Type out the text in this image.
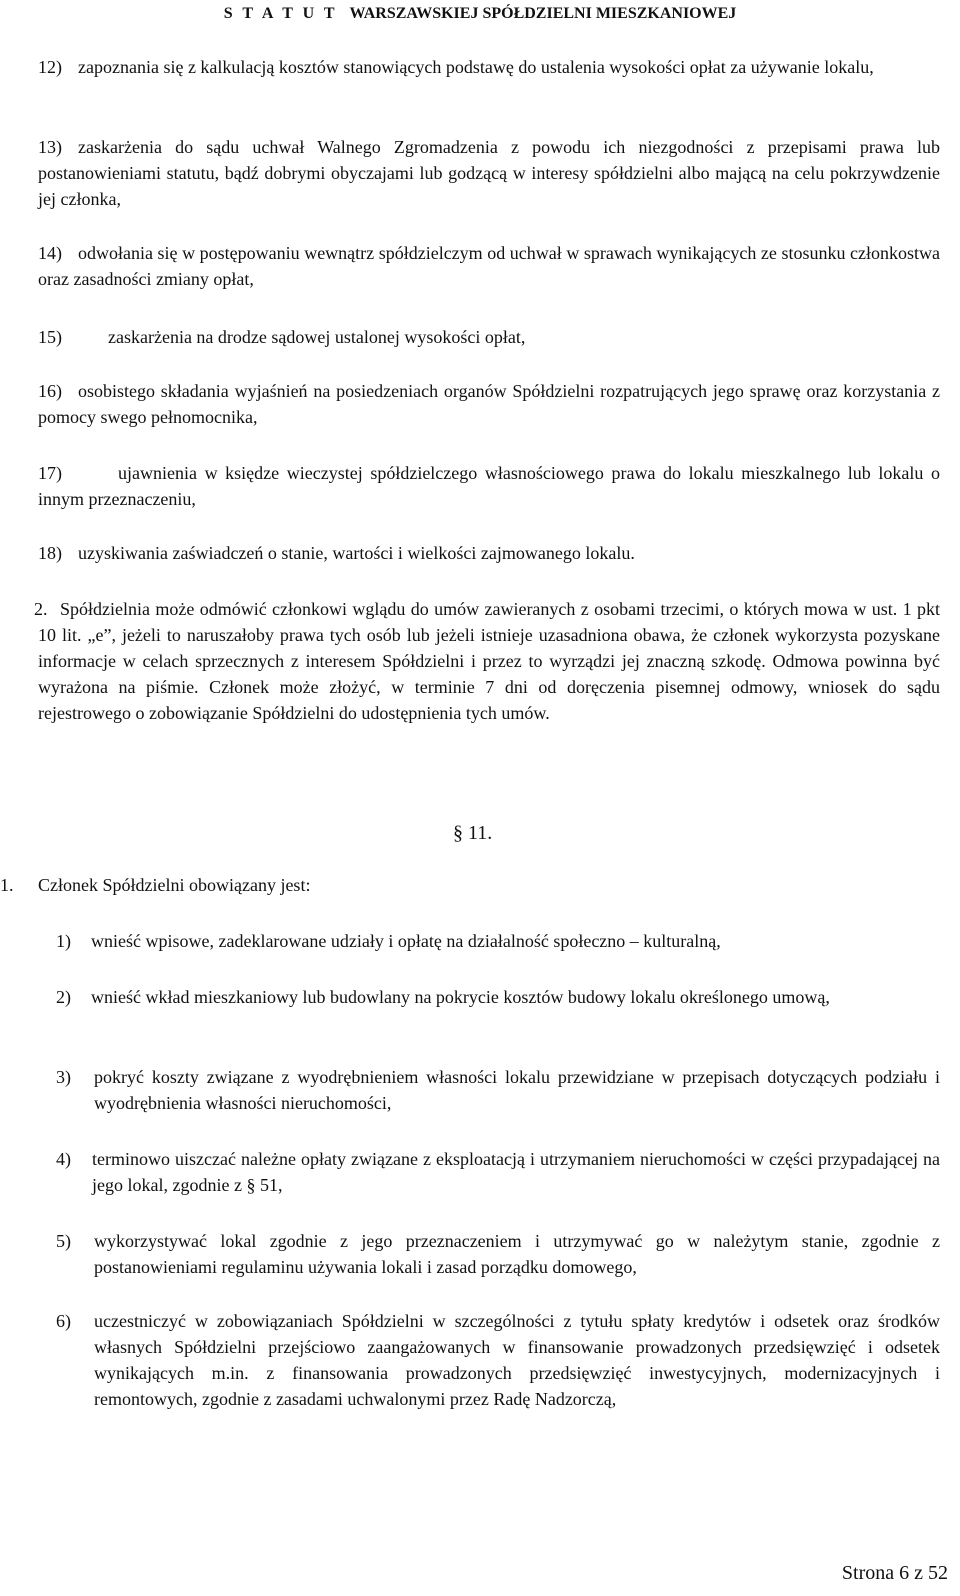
S T A T U T WARSZAWSKIEJ SPÓŁDZIELNI MIESZKANIOWEJ
12) zapoznania się z kalkulacją kosztów stanowiących podstawę do ustalenia wysokości opłat za używanie lokalu,

13) zaskarżenia do sądu uchwał Walnego Zgromadzenia z powodu ich niezgodności z przepisami prawa lub postanowieniami statutu, bądź dobrymi obyczajami lub godzącą w interesy spółdzielni albo mającą na celu pokrzywdzenie jej członka,

14) odwołania się w postępowaniu wewnątrz spółdzielczym od uchwał w sprawach wynikających ze stosunku członkostwa oraz zasadności zmiany opłat,

15)	zaskarżenia na drodze sądowej ustalonej wysokości opłat,

16) osobistego składania wyjaśnień na posiedzeniach organów Spółdzielni rozpatrujących jego sprawę oraz korzystania z pomocy swego pełnomocnika,

17)	ujawnienia w księdze wieczystej spółdzielczego własnościowego prawa do lokalu mieszkalnego lub lokalu o innym przeznaczeniu,

18) uzyskiwania zaświadczeń o stanie, wartości i wielkości zajmowanego lokalu.

2. Spółdzielnia może odmówić członkowi wglądu do umów zawieranych z osobami trzecimi, o których mowa w ust. 1 pkt 10 lit. „e”, jeżeli to naruszałoby prawa tych osób lub jeżeli istnieje uzasadniona obawa, że członek wykorzysta pozyskane informacje w celach sprzecznych z interesem Spółdzielni i przez to wyrządzi jej znaczną szkodę. Odmowa powinna być wyrażona na piśmie. Członek może złożyć, w terminie 7 dni od doręczenia pisemnej odmowy, wniosek do sądu rejestrowego o zobowiązanie Spółdzielni do udostępnienia tych umów.

§ 11.
1.	Członek Spółdzielni obowiązany jest:

1)	wnieść wpisowe, zadeklarowane udziały i opłatę na działalność społeczno – kulturalną,

2)	wnieść wkład mieszkaniowy lub budowlany na pokrycie kosztów budowy lokalu określonego umową,

3)	pokryć koszty związane z wyodrębnieniem własności lokalu przewidziane w przepisach dotyczących podziału i wyodrębnienia własności nieruchomości,

4)	terminowo uiszczać należne opłaty związane z eksploatacją i utrzymaniem nieruchomości w części przypadającej na jego lokal, zgodnie z § 51,

5)	wykorzystywać lokal zgodnie z jego przeznaczeniem i utrzymywać go w należytym stanie, zgodnie z postanowieniami regulaminu używania lokali i zasad porządku domowego,

6)	uczestniczyć w zobowiązaniach Spółdzielni w szczególności z tytułu spłaty kredytów i odsetek oraz środków własnych Spółdzielni przejściowo zaangażowanych w finansowanie prowadzonych przedsięwzięć i odsetek wynikających m.in. z finansowania prowadzonych przedsięwzięć inwestycyjnych, modernizacyjnych i remontowych, zgodnie z zasadami uchwalonymi przez Radę Nadzorczą,

Strona 6 z 52
